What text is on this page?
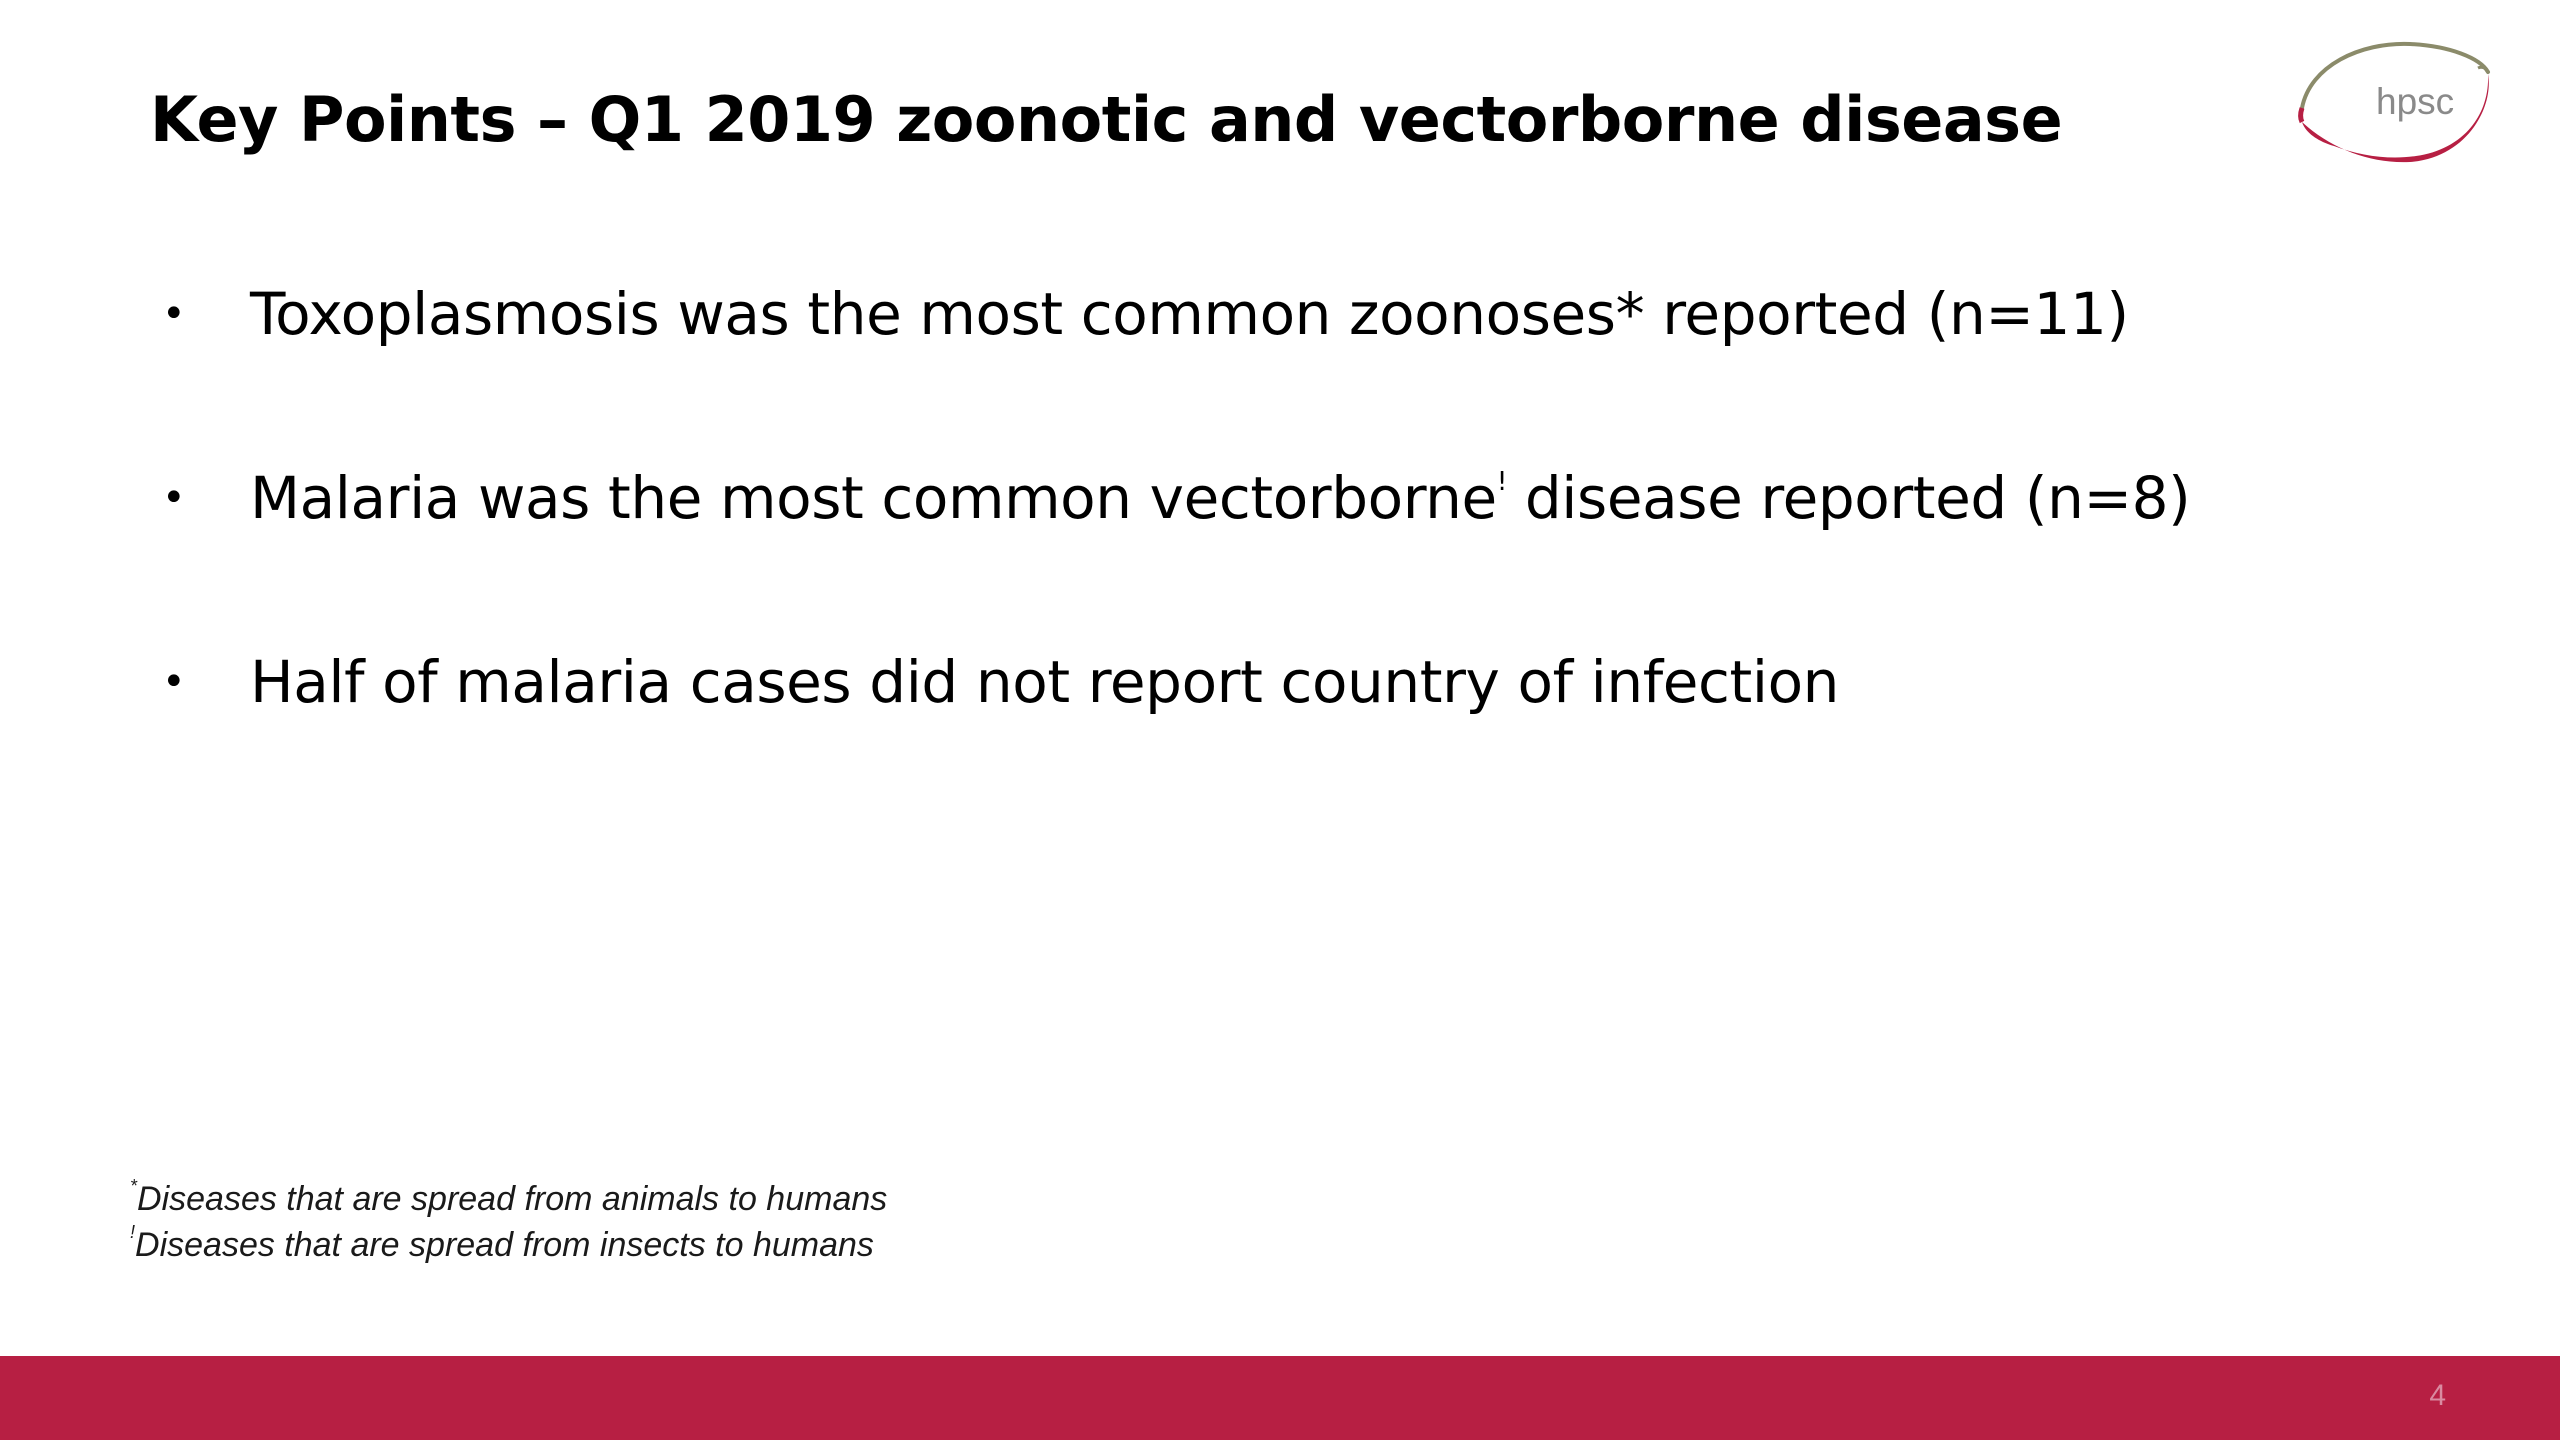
Key Points – Q1 2019 zoonotic and vectorborne disease	hpsc
•	Toxoplasmosis was the most common zoonoses* reported (n=11)
•	Malaria was the most common vectorborne! disease reported (n=8)
•	Half of malaria cases did not report country of infection
*Diseases that are spread from animals to humans
!Diseases that are spread from insects to humans
4
